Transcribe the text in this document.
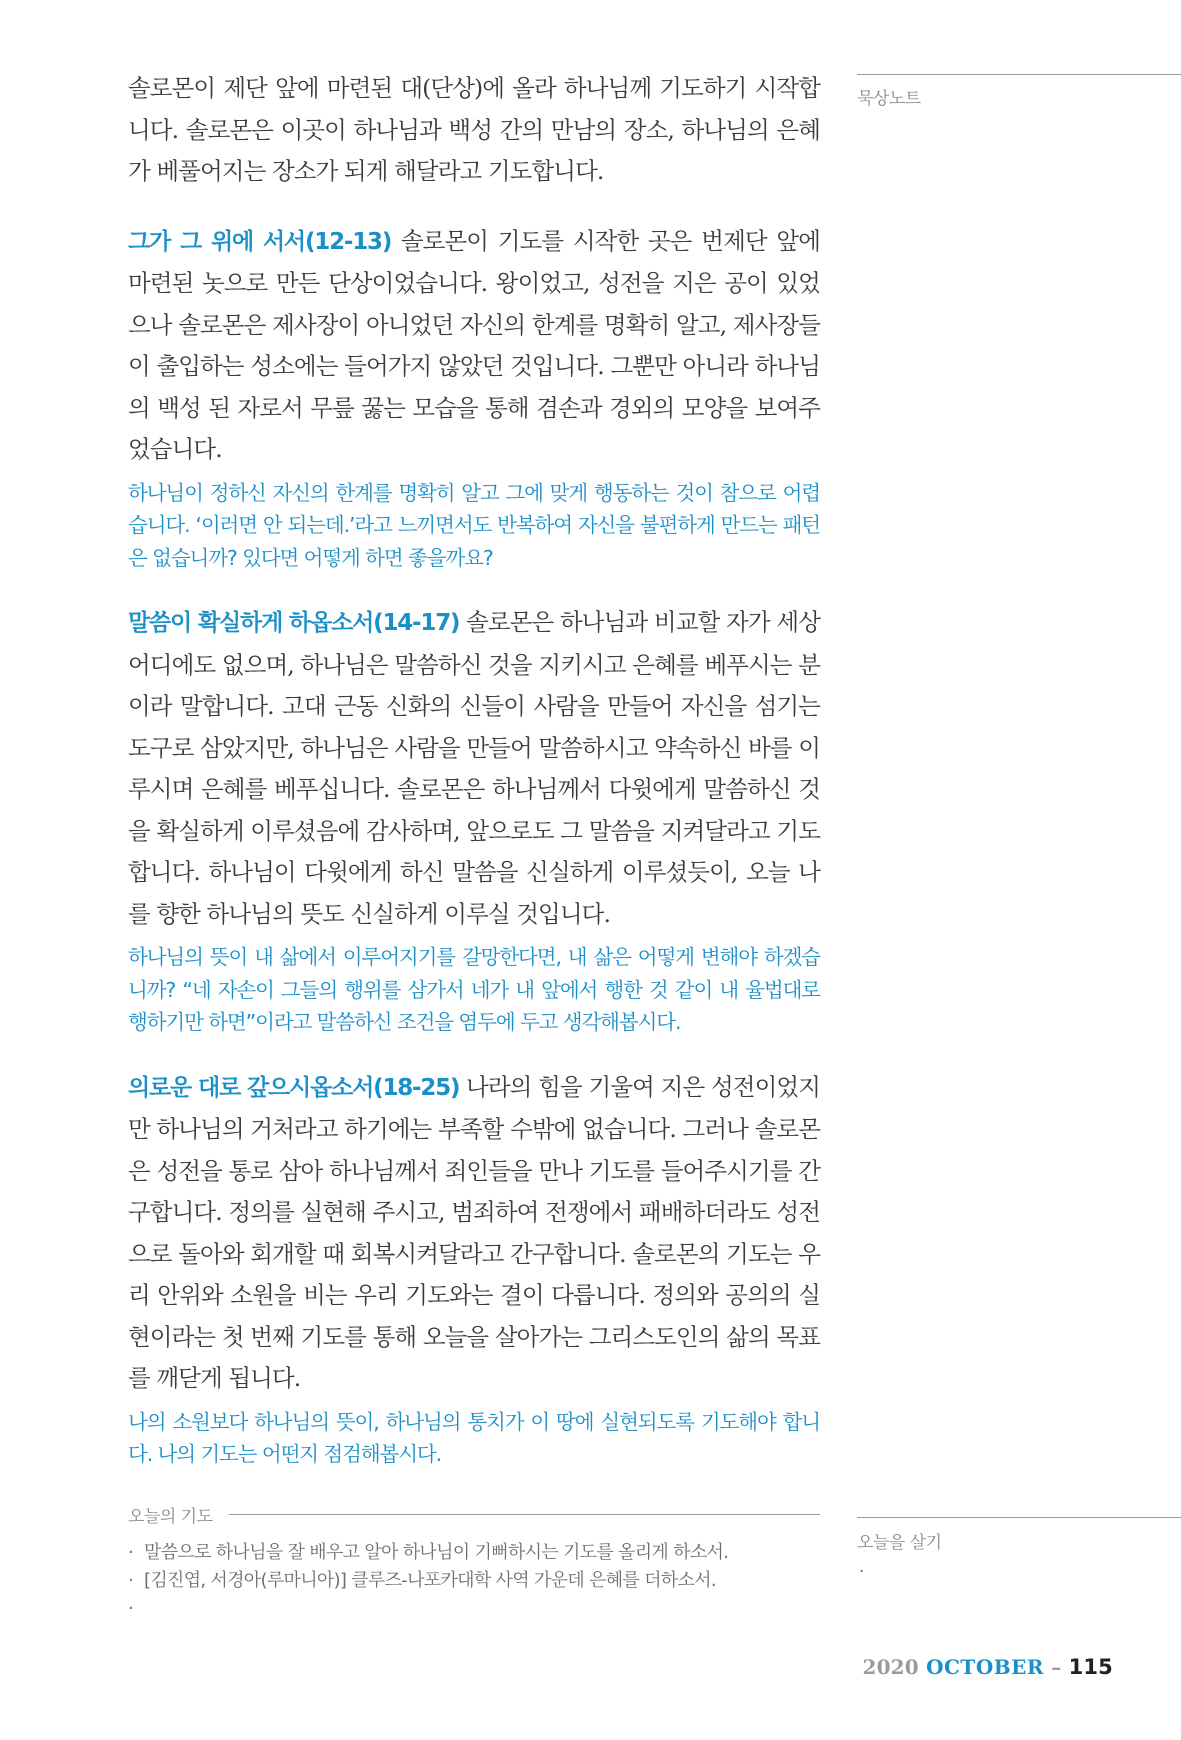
묵상노트

솔로몬이 제단 앞에 마련된 대(단상)에 올라 하나님께 기도하기 시작합니다. 솔로몬은 이곳이 하나님과 백성 간의 만남의 장소, 하나님의 은혜가 베풀어지는 장소가 되게 해달라고 기도합니다.

그가 그 위에 서서(12-13) 솔로몬이 기도를 시작한 곳은 번제단 앞에 마련된 놋으로 만든 단상이었습니다. 왕이었고, 성전을 지은 공이 있었으나 솔로몬은 제사장이 아니었던 자신의 한계를 명확히 알고, 제사장들이 출입하는 성소에는 들어가지 않았던 것입니다. 그뿐만 아니라 하나님의 백성 된 자로서 무릎 꿇는 모습을 통해 겸손과 경외의 모양을 보여주었습니다.

하나님이 정하신 자신의 한계를 명확히 알고 그에 맞게 행동하는 것이 참으로 어렵습니다. ‘이러면 안 되는데.’라고 느끼면서도 반복하여 자신을 불편하게 만드는 패턴은 없습니까? 있다면 어떻게 하면 좋을까요?

말씀이 확실하게 하옵소서(14-17) 솔로몬은 하나님과 비교할 자가 세상 어디에도 없으며, 하나님은 말씀하신 것을 지키시고 은혜를 베푸시는 분이라 말합니다. 고대 근동 신화의 신들이 사람을 만들어 자신을 섬기는 도구로 삼았지만, 하나님은 사람을 만들어 말씀하시고 약속하신 바를 이루시며 은혜를 베푸십니다. 솔로몬은 하나님께서 다윗에게 말씀하신 것을 확실하게 이루셨음에 감사하며, 앞으로도 그 말씀을 지켜달라고 기도합니다. 하나님이 다윗에게 하신 말씀을 신실하게 이루셨듯이, 오늘 나를 향한 하나님의 뜻도 신실하게 이루실 것입니다.

하나님의 뜻이 내 삶에서 이루어지기를 갈망한다면, 내 삶은 어떻게 변해야 하겠습니까? “네 자손이 그들의 행위를 삼가서 네가 내 앞에서 행한 것 같이 내 율법대로 행하기만 하면”이라고 말씀하신 조건을 염두에 두고 생각해봅시다.

의로운 대로 갚으시옵소서(18-25) 나라의 힘을 기울여 지은 성전이었지만 하나님의 거처라고 하기에는 부족할 수밖에 없습니다. 그러나 솔로몬은 성전을 통로 삼아 하나님께서 죄인들을 만나 기도를 들어주시기를 간구합니다. 정의를 실현해 주시고, 범죄하여 전쟁에서 패배하더라도 성전으로 돌아와 회개할 때 회복시켜달라고 간구합니다. 솔로몬의 기도는 우리 안위와 소원을 비는 우리 기도와는 결이 다릅니다. 정의와 공의의 실현이라는 첫 번째 기도를 통해 오늘을 살아가는 그리스도인의 삶의 목표를 깨닫게 됩니다.

나의 소원보다 하나님의 뜻이, 하나님의 통치가 이 땅에 실현되도록 기도해야 합니다. 나의 기도는 어떤지 점검해봅시다.

오늘의 기도
· 말씀으로 하나님을 잘 배우고 알아 하나님이 기뻐하시는 기도를 올리게 하소서.
· [김진엽, 서경아(루마니아)] 클루즈-나포카대학 사역 가운데 은혜를 더하소서.
·
오늘을 살기
·
2020 OCTOBER – 115
